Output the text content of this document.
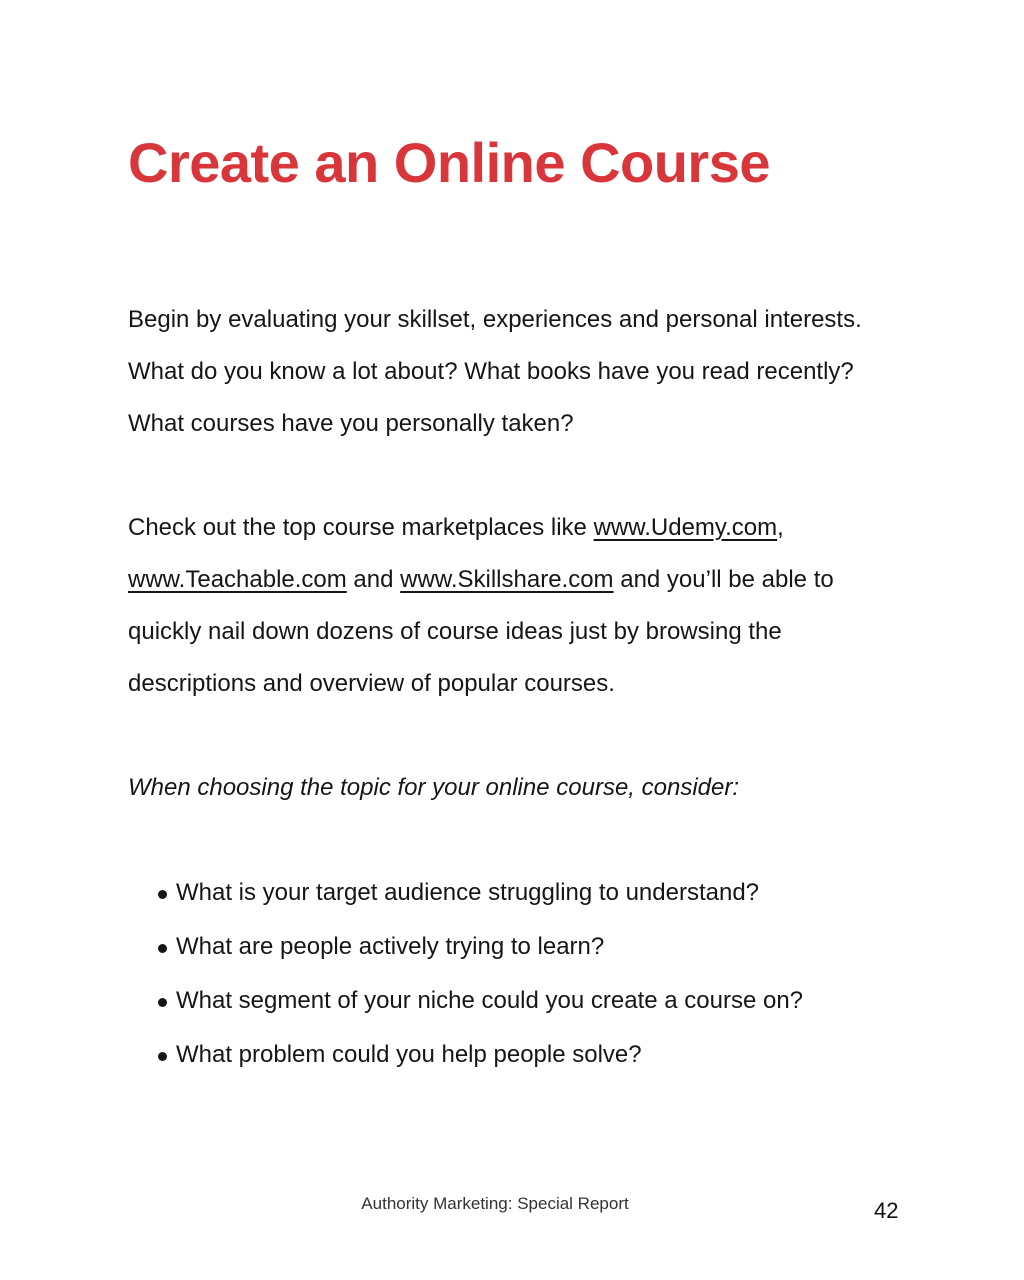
Create an Online Course

Begin by evaluating your skillset, experiences and personal interests. What do you know a lot about? What books have you read recently? What courses have you personally taken?

Check out the top course marketplaces like www.Udemy.com, www.Teachable.com and www.Skillshare.com and you’ll be able to quickly nail down dozens of course ideas just by browsing the descriptions and overview of popular courses.

When choosing the topic for your online course, consider:

What is your target audience struggling to understand?
What are people actively trying to learn?
What segment of your niche could you create a course on?
What problem could you help people solve?
Authority Marketing: Special Report	42
